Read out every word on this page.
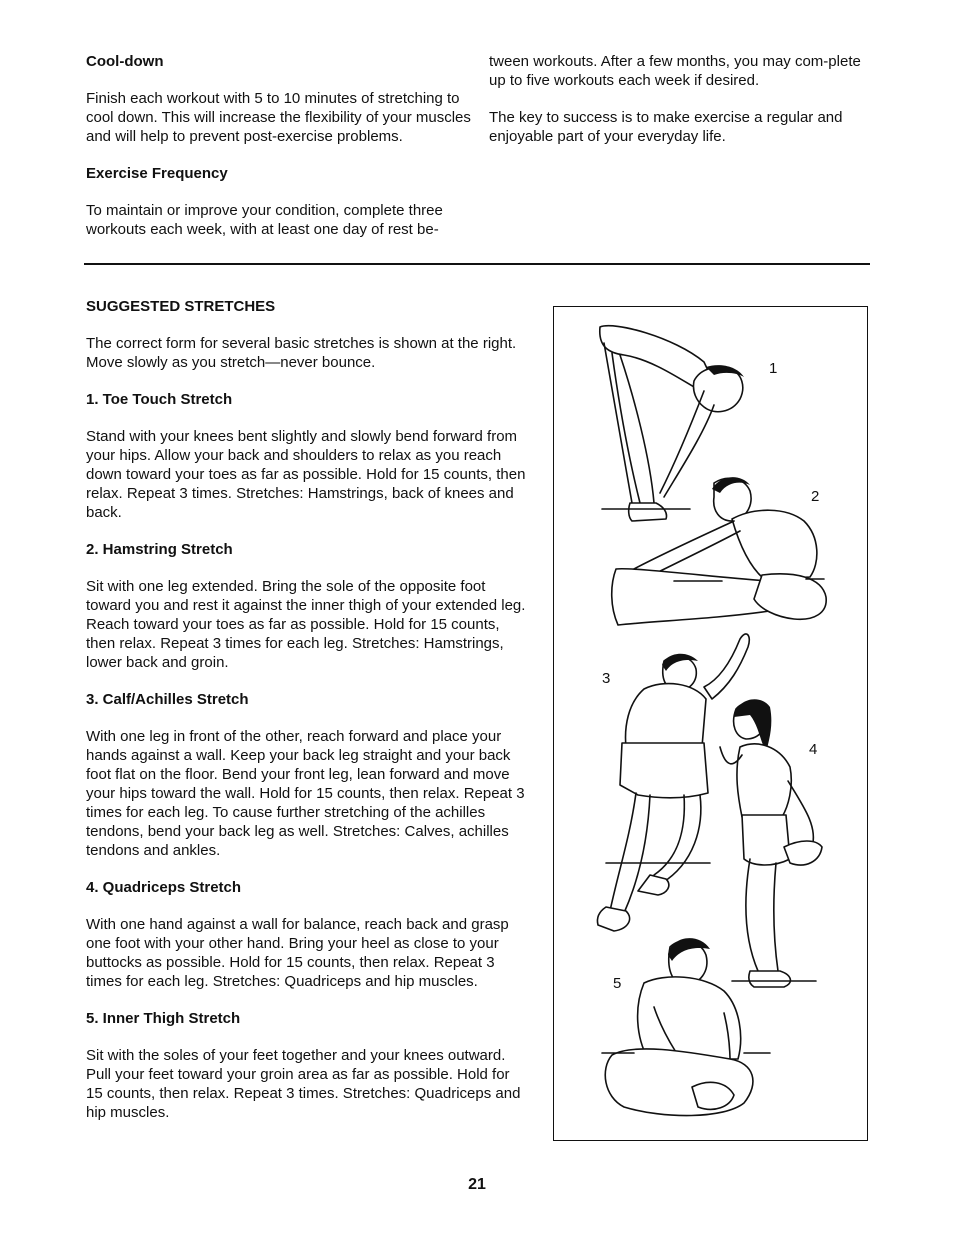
Cool-down

Finish each workout with 5 to 10 minutes of stretching to cool down. This will increase the flexibility of your muscles and will help to prevent post-exercise problems.

Exercise Frequency

To maintain or improve your condition, complete three workouts each week, with at least one day of rest be-

tween workouts. After a few months, you may com-plete up to five workouts each week if desired.

The key to success is to make exercise a regular and enjoyable part of your everyday life.

SUGGESTED STRETCHES

The correct form for several basic stretches is shown at the right. Move slowly as you stretch—never bounce.

1. Toe Touch Stretch

Stand with your knees bent slightly and slowly bend forward from your hips. Allow your back and shoulders to relax as you reach down toward your toes as far as possible. Hold for 15 counts, then relax. Repeat 3 times. Stretches: Hamstrings, back of knees and back.

2. Hamstring Stretch

Sit with one leg extended. Bring the sole of the opposite foot toward you and rest it against the inner thigh of your extended leg. Reach toward your toes as far as possible. Hold for 15 counts, then relax. Repeat 3 times for each leg. Stretches: Hamstrings, lower back and groin.

3. Calf/Achilles Stretch

With one leg in front of the other, reach forward and place your hands against a wall. Keep your back leg straight and your back foot flat on the floor. Bend your front leg, lean forward and move your hips toward the wall. Hold for 15 counts, then relax. Repeat 3 times for each leg. To cause further stretching of the achilles tendons, bend your back leg as well. Stretches: Calves, achilles tendons and ankles.

4. Quadriceps Stretch

With one hand against a wall for balance, reach back and grasp one foot with your other hand. Bring your heel as close to your buttocks as possible. Hold for 15 counts, then relax. Repeat 3 times for each leg. Stretches: Quadriceps and hip muscles.

5. Inner Thigh Stretch

Sit with the soles of your feet together and your knees outward. Pull your feet toward your groin area as far as possible. Hold for 15 counts, then relax. Repeat 3 times. Stretches: Quadriceps and hip muscles.

1
2
3
4
5
21
